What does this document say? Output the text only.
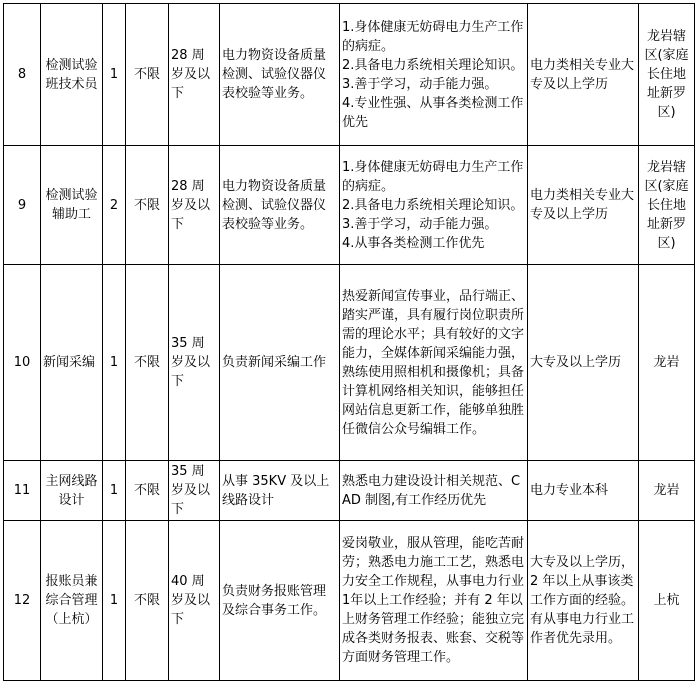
8	检测试验班技术员	1	不限	28 周岁及以下	电力物资设备质量检测、试验仪器仪表校验等业务。	1.身体健康无妨碍电力生产工作的病症。
2.具备电力系统相关理论知识。
3.善于学习，动手能力强。
4.专业性强、从事各类检测工作优先	电力类相关专业大专及以上学历	龙岩辖区(家庭长住地址新罗区)
9	检测试验辅助工	2	不限	28 周岁及以下	电力物资设备质量检测、试验仪器仪表校验等业务。	1.身体健康无妨碍电力生产工作的病症。
2.具备电力系统相关理论知识。
3.善于学习，动手能力强。
4.从事各类检测工作优先	电力类相关专业大专及以上学历	龙岩辖区(家庭长住地址新罗区)
10	新闻采编	1	不限	35 周岁及以下	负责新闻采编工作	热爱新闻宣传事业，品行端正、踏实严谨，具有履行岗位职责所需的理论水平；具有较好的文字能力，全媒体新闻采编能力强，熟练使用照相机和摄像机；具备计算机网络相关知识，能够担任网站信息更新工作，能够单独胜任微信公众号编辑工作。	大专及以上学历	龙岩
11	主网线路设计	1	不限	35 周岁及以下	从事 35KV 及以上线路设计	熟悉电力建设设计相关规范、CAD 制图,有工作经历优先	电力专业本科	龙岩
12	报账员兼综合管理（上杭）	1	不限	40 周岁及以下	负责财务报账管理及综合事务工作。	爱岗敬业，服从管理，能吃苦耐劳；熟悉电力施工工艺，熟悉电力安全工作规程，从事电力行业 1年以上工作经验；并有 2 年以上财务管理工作经验；能独立完成各类财务报表、账套、交税等方面财务管理工作。	大专及以上学历，2 年以上从事该类工作方面的经验。有从事电力行业工作者优先录用。	上杭
